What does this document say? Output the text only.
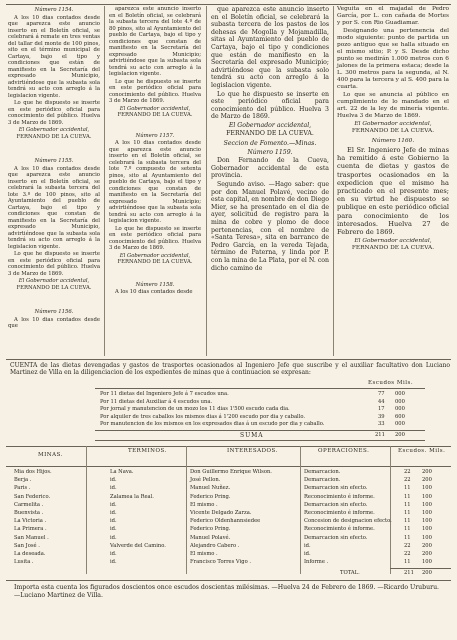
Número 1154.

A los 10 dias contados desde que aparezca este anuncio inserto en el Boletín oficial, se celebrará á remate en tres ventas del tallar del monte de 100 pinos, sito en el término municipal de Cartaya, bajo el tipo y condiciones que están de manifiesto en la Secretaría del expresado Municipio, advirtiéndose que la subasta sola tendrá su acto con arreglo á la legislacion vigente.

Lo que he dispuesto se inserte en este periódico oficial para conocimiento del público. Huelva 3 de Marzo de 1869.

El Gobernador accidental,
FERNANDO DE LA CUEVA.
Número 1155.

A los 10 dias contados desde que aparezca este anuncio inserto en el Boletín oficial, se celebrará la subasta tercera del lote 3.º de 100 pinos, sito al Ayuntamiento del pueblo de Cartaya, bajo el tipo y condiciones que constan de manifiesto en la Secretaría del expresado Municipio, advirtiéndose que la subasta sola tendrá su acto con arreglo á la legislacion vigente.

Lo que he dispuesto se inserte en este periódico oficial para conocimiento del público. Huelva 3 de Marzo de 1869.

El Gobernador accidental,
FERNANDO DE LA CUEVA.
Número 1156.

A los 10 dias contados desde que

aparezca este anuncio inserto en el Boletín oficial, se celebrará la subasta tercera del lote 4.º de 80 pinos, sito al Ayuntamiento del pueblo de Cartaya, bajo el tipo y condiciones que constan de manifiesto en la Secretaría del expresado Municipio; advirtiéndose que la subasta sola tendrá su acto con arreglo á la legislacion vigente.

Lo que he dispuesto se inserte en este periódico oficial para conocimiento del público. Huelva 3 de Marzo de 1869.

El Gobernador accidental,
FERNANDO DE LA CUEVA.
Número 1157.

A los 10 dias contados desde que aparezca este anuncio inserto en el Boletín oficial, se celebrará la subasta tercera del lote 7.º compuesto de setenta pinos, sito al Ayuntamiento del pueblo de Cartaya, bajo el tipo y condiciones que constan de manifiesto en la Secretaría del expresado Municipio; advirtiéndose que la subasta sola tendrá su acto con arreglo á la legislacion vigente.

Lo que he dispuesto se inserte en este periódico oficial para conocimiento del público. Huelva 3 de Marzo de 1869.

El Gobernador accidental,
FERNANDO DE LA CUEVA.
Número 1158.

A los 10 dias contados desde

que aparezca este anuncio inserto en el Boletín oficial, se celebrará la subasta tercera de los pastos de los dehesas de Mogolla y Mojamadilla, sitas al Ayuntamiento del pueblo de Cartaya, bajo el tipo y condiciones que están de manifiesto en la Secretaría del expresado Municipio; advirtiéndose que la subasta solo tendrá su acto con arreglo á la legislacion vigente.

Lo que he dispuesto se inserte en este periódico oficial para conocimiento del público. Huelva 3 de Marzo de 1869.

El Gobernador accidental,
FERNANDO DE LA CUEVA.
Seccion de Fomento.—Minas.
Número 1159.

Don Fernando de la Cueva, Gobernador accidental de esta provincia.

Segundo aviso. —Hago saber: que por don Manuel Polavé, vecino de esta capital, en nombre de don Diego Mier, se ha presentado en el dia de ayer, solicitud de registro para la mina de cobre y plomo de doce pertenencias, con el nombre de «Santa Teresa», sita en barranco de Pedro García, en la vereda Tejada, término de Paterna, y linda por P. con la mina de La Plata, por el N. con dicho camino de

Veguita en el majadal de Pedro García, por L. con cañada de Mortes y por S. con Rio Guadiamar.

Designando una pertenencia del modo siguiente: punto de partida un pozo antiguo que se halla situado en el mismo sitio; P. y S. Desde dicho punto se medirán 1.000 metros con 6 jalones de la primera estaca; desde la L. 300 metros para la segunda, al N. 400 para la tercera y al S. 400 para la cuarta.

Lo que se anuncia al público en cumplimiento de lo mandado en el art. 22 de la ley de minería vigente. Huelva 3 de Marzo de 1869.

El Gobernador accidental,
FERNANDO DE LA CUEVA.
Número 1160.

El Sr. Ingeniero Jefe de minas ha remitido á este Gobierno la cuenta de dietas y gastos de trasportes ocasionados en la expedicion que el mismo ha practicado en el presente mes; en su virtud he dispuesto se publique en este periódico oficial para conocimiento de los interesados. Huelva 27 de Febrero de 1869.

El Gobernador accidental,
FERNANDO DE LA CUEVA.
CUENTA de las dietas devengadas y gastos de trasportes ocasionados al Ingeniero Jefe que suscribe y el auxiliar facultativo don Luciano Martinez de Villa en la diligenciacion de los expedientes de minas que á continuacion se expresan:
Escudos Mils.
Por 11 dietas del Ingeniero Jefe á 7 escudos una.	77 000
Por 11 dietas del Auxiliar á 4 escudos una.	44 000
Por jornal y manutencion de un mozo los 11 dias 1'500 escudo cada dia.	17 000
Por alquiler de tres caballos los mismos dias á 1'200 escudo por dia y caballo.	39 600
Por manutencion de los mismos en los expresados dias á un escudo por dia y caballo.	33 000
SUMA	211 200
MINAS.
TERMINOS.	INTERESADOS.	OPERACIONES.	Escudos. Mils.
Mia dos Hijos.	La Nava.	Don Guillermo Enrique Wilson.	Demarcacion.	22 200
Berja .	id.	José Pellon.	Demarcacion.	22 200
Paris .	id.	Manuel Nuñez.	Demarcacion sin efecto.	11 100
San Federico.	Zalamea la Real.	Federico Pring.	Reconocimiento é informe.	11 100
Carmelita .	id.	El mismo .	Demarcacion sin efecto.	11 100
Buenvista .	id.	Vicente Delgado Zarza.	Reconocimiento é informe.	11 100
La Victoria .	id.	Federico Oldenhannsiedee	Concesion de designacion efecto. 11 100
La Primera .	id.	Federico Pring.	Reconocimiento é informe.	11 100
San Manuel .	id.	Manuel Polavé.	Demarcacion sin efecto.	11 100
San José .	Valverde del Camino.	Alejandro Cabero .	id.	22 200
La deseada.	id.	El mismo .	id.	22 200
Lusita .	id.	Francisco Torres Vigo .	Informe .	11 100
TOTAL.	211 200
Importa esta cuenta los figurados doscientos once escudos doscientas milésimas. —Huelva 24 de Febrero de 1869. —Ricardo Uruburu. —Luciano Martinez de Villa.
